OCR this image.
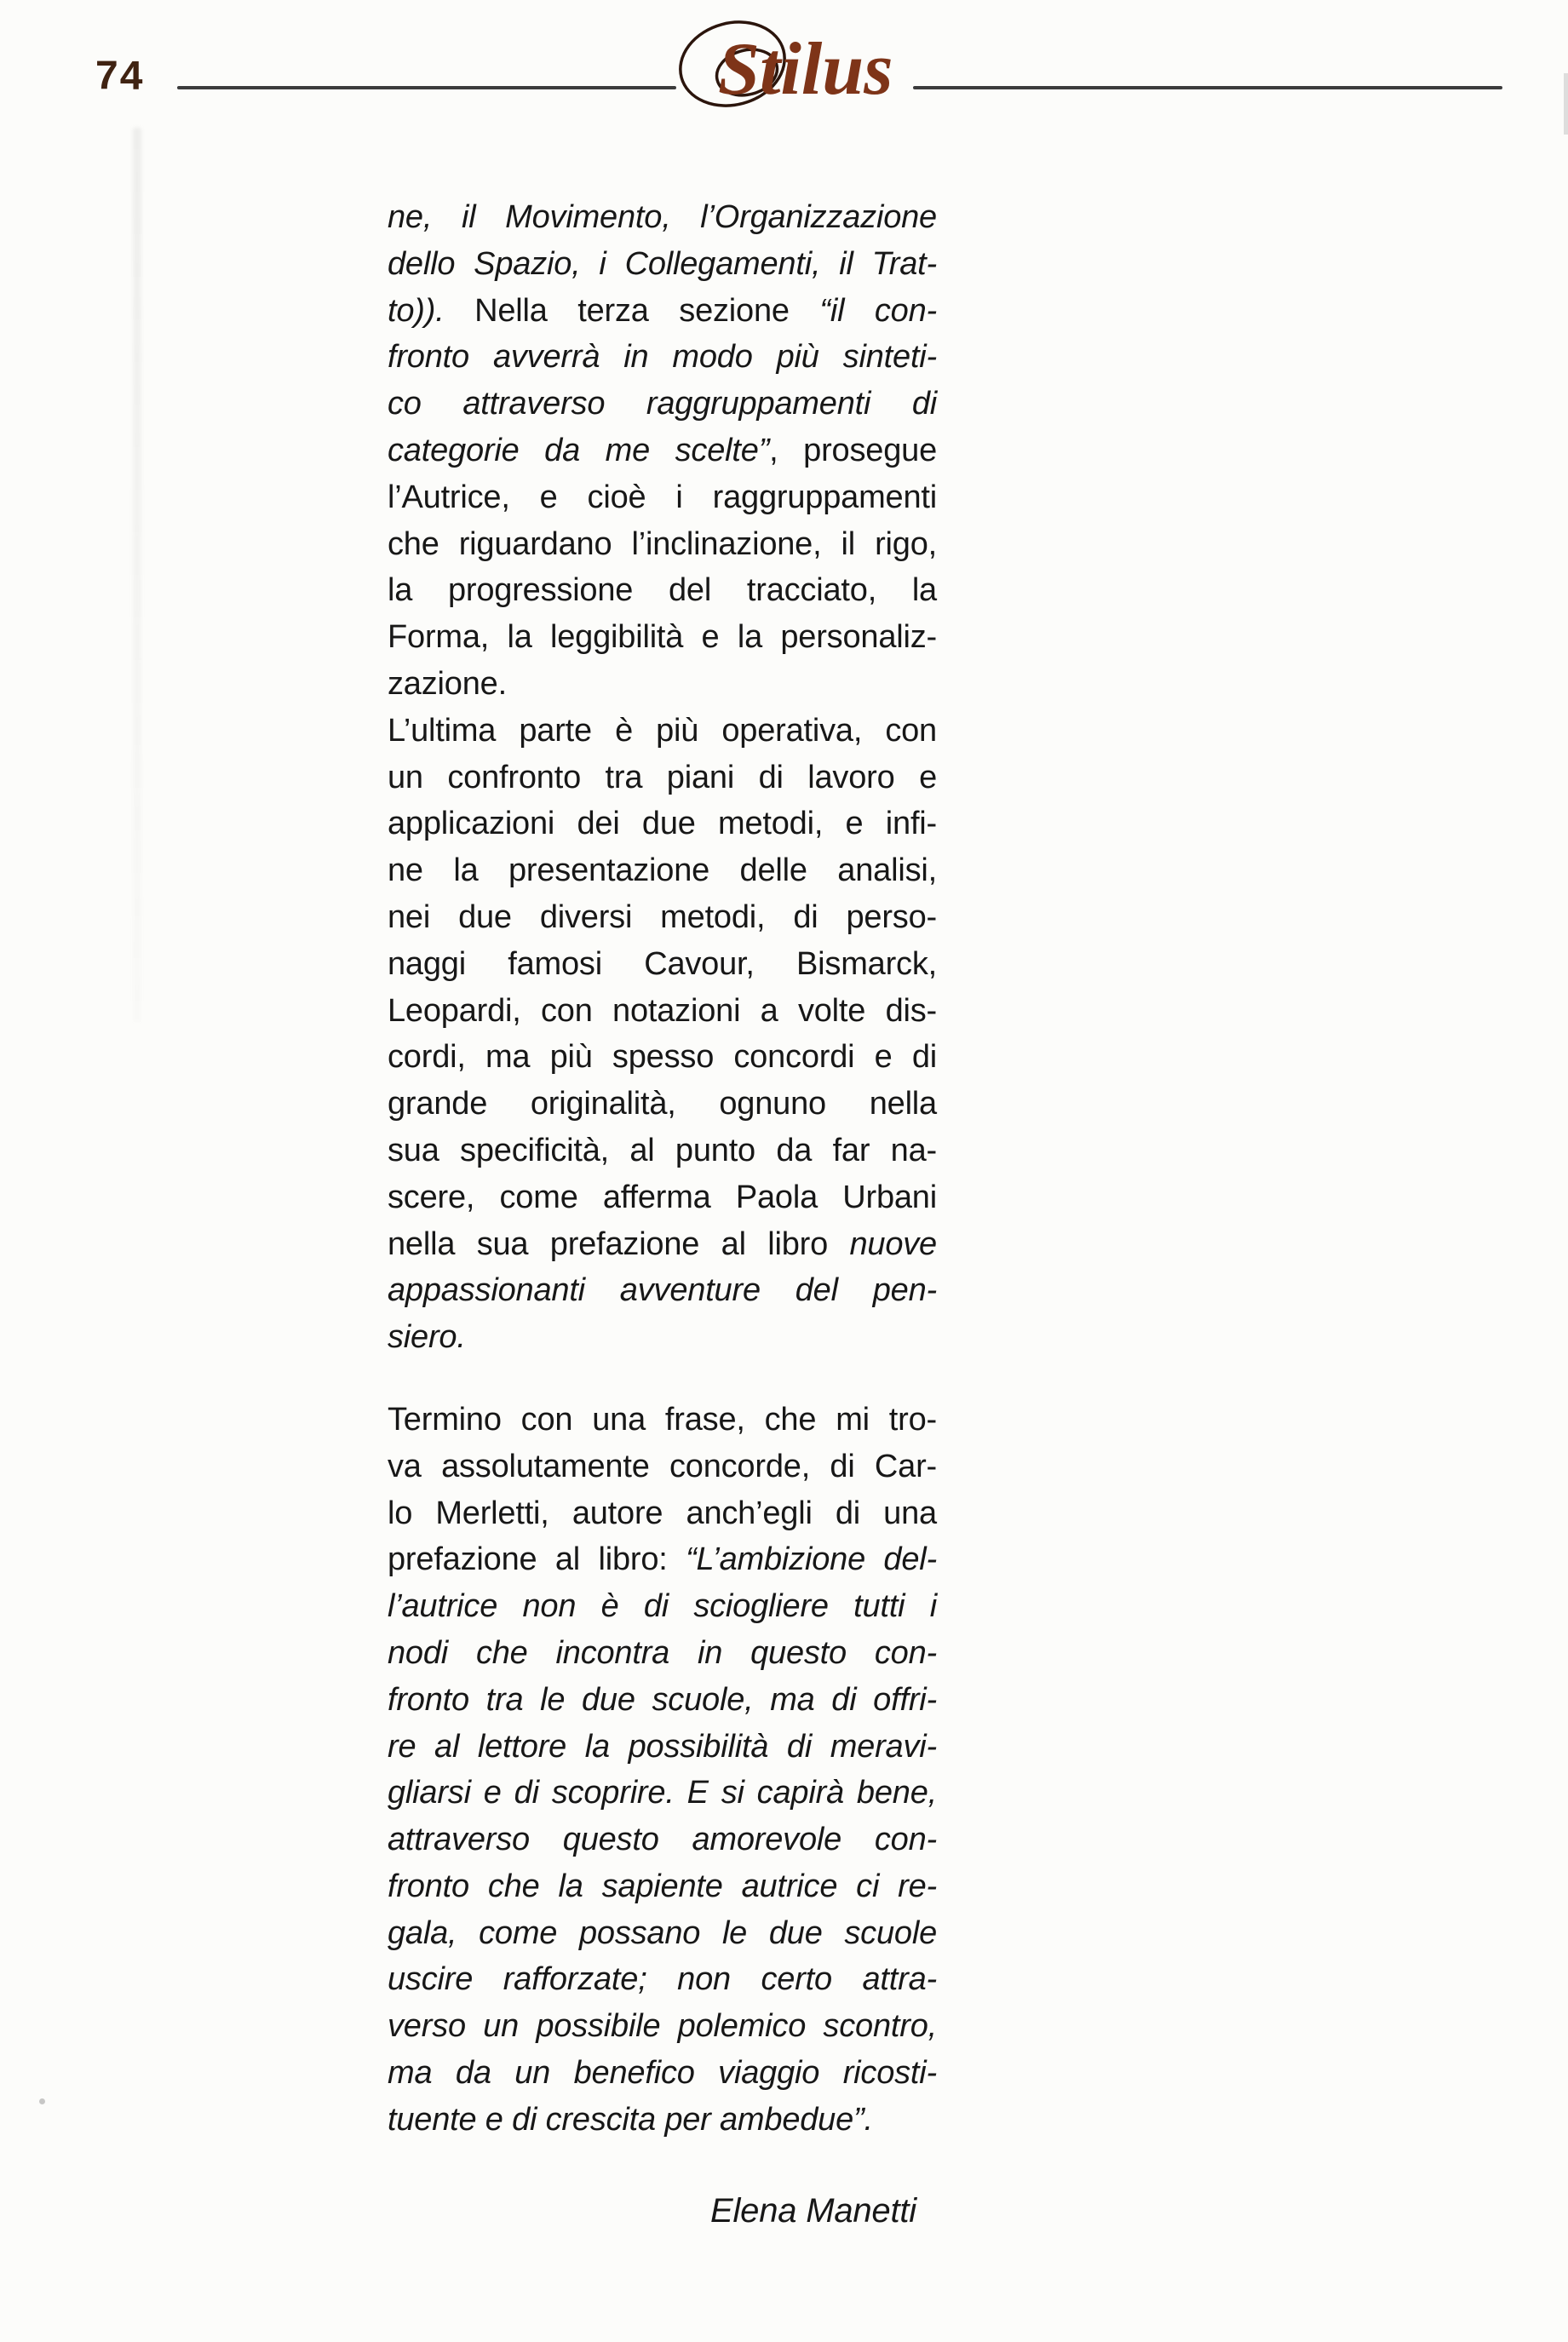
74	Stilus
ne, il Movimento, l’Organizzazione
dello Spazio, i Collegamenti, il Trat-
to)). Nella terza sezione “il con-
fronto avverrà in modo più sinteti-
co attraverso raggruppamenti di
categorie da me scelte”, prosegue
l’Autrice, e cioè i raggruppamenti
che riguardano l’inclinazione, il rigo,
la progressione del tracciato, la
Forma, la leggibilità e la personaliz-
zazione.
L’ultima parte è più operativa, con
un confronto tra piani di lavoro e
applicazioni dei due metodi, e infi-
ne la presentazione delle analisi,
nei due diversi metodi, di perso-
naggi famosi Cavour, Bismarck,
Leopardi, con notazioni a volte dis-
cordi, ma più spesso concordi e di
grande originalità, ognuno nella
sua specificità, al punto da far na-
scere, come afferma Paola Urbani
nella sua prefazione al libro nuove
appassionanti avventure del pen-
siero.
Termino con una frase, che mi tro-
va assolutamente concorde, di Car-
lo Merletti, autore anch’egli di una
prefazione al libro: “L’ambizione del-
l’autrice non è di sciogliere tutti i
nodi che incontra in questo con-
fronto tra le due scuole, ma di offri-
re al lettore la possibilità di meravi-
gliarsi e di scoprire. E si capirà bene,
attraverso questo amorevole con-
fronto che la sapiente autrice ci re-
gala, come possano le due scuole
uscire rafforzate; non certo attra-
verso un possibile polemico scontro,
ma da un benefico viaggio ricosti-
tuente e di crescita per ambedue”.
Elena Manetti
